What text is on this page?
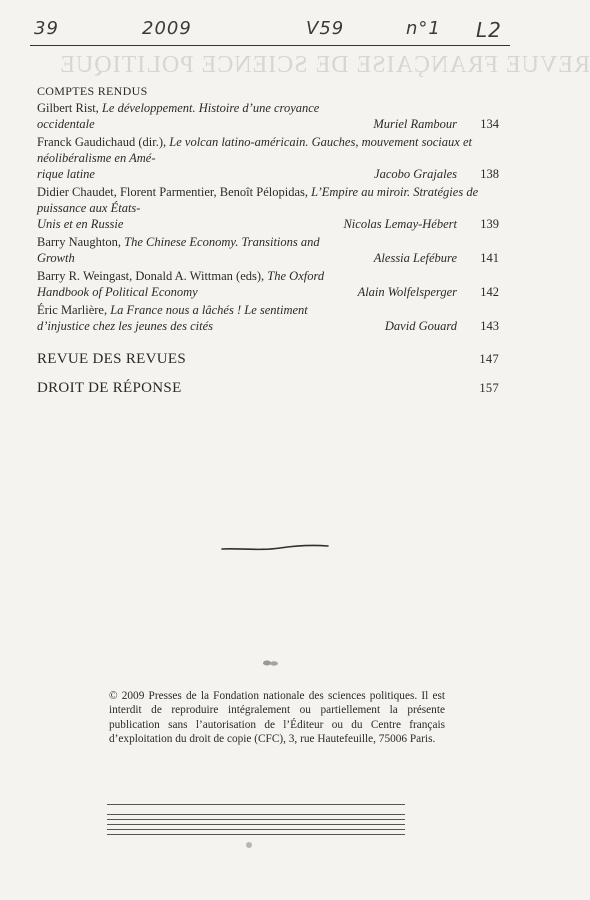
39	2009	V59	n°1 L2
REVUE FRANÇAISE DE SCIENCE POLITIQUE
COMPTES RENDUS
Gilbert Rist, Le développement. Histoire d’une croyance
occidentale	Muriel Rambour	134
Franck Gaudichaud (dir.), Le volcan latino-américain. Gauches, mouvement sociaux et néolibéralisme en Amé-
rique latine	Jacobo Grajales	138
Didier Chaudet, Florent Parmentier, Benoît Pélopidas, L’Empire au miroir. Stratégies de puissance aux États-
Unis et en Russie	Nicolas Lemay-Hébert	139
Barry Naughton, The Chinese Economy. Transitions and
Growth	Alessia Lefébure	141
Barry R. Weingast, Donald A. Wittman (eds), The Oxford
Handbook of Political Economy	Alain Wolfelsperger	142
Éric Marlière, La France nous a lâchés ! Le sentiment
d’injustice chez les jeunes des cités	David Gouard	143
REVUE DES REVUES	147
DROIT DE RÉPONSE	157
© 2009 Presses de la Fondation nationale des sciences politiques. Il est interdit de reproduire intégralement ou partiellement la présente publication sans l’autorisation de l’Éditeur ou du Centre français d’exploitation du droit de copie (CFC), 3, rue Hautefeuille, 75006 Paris.
